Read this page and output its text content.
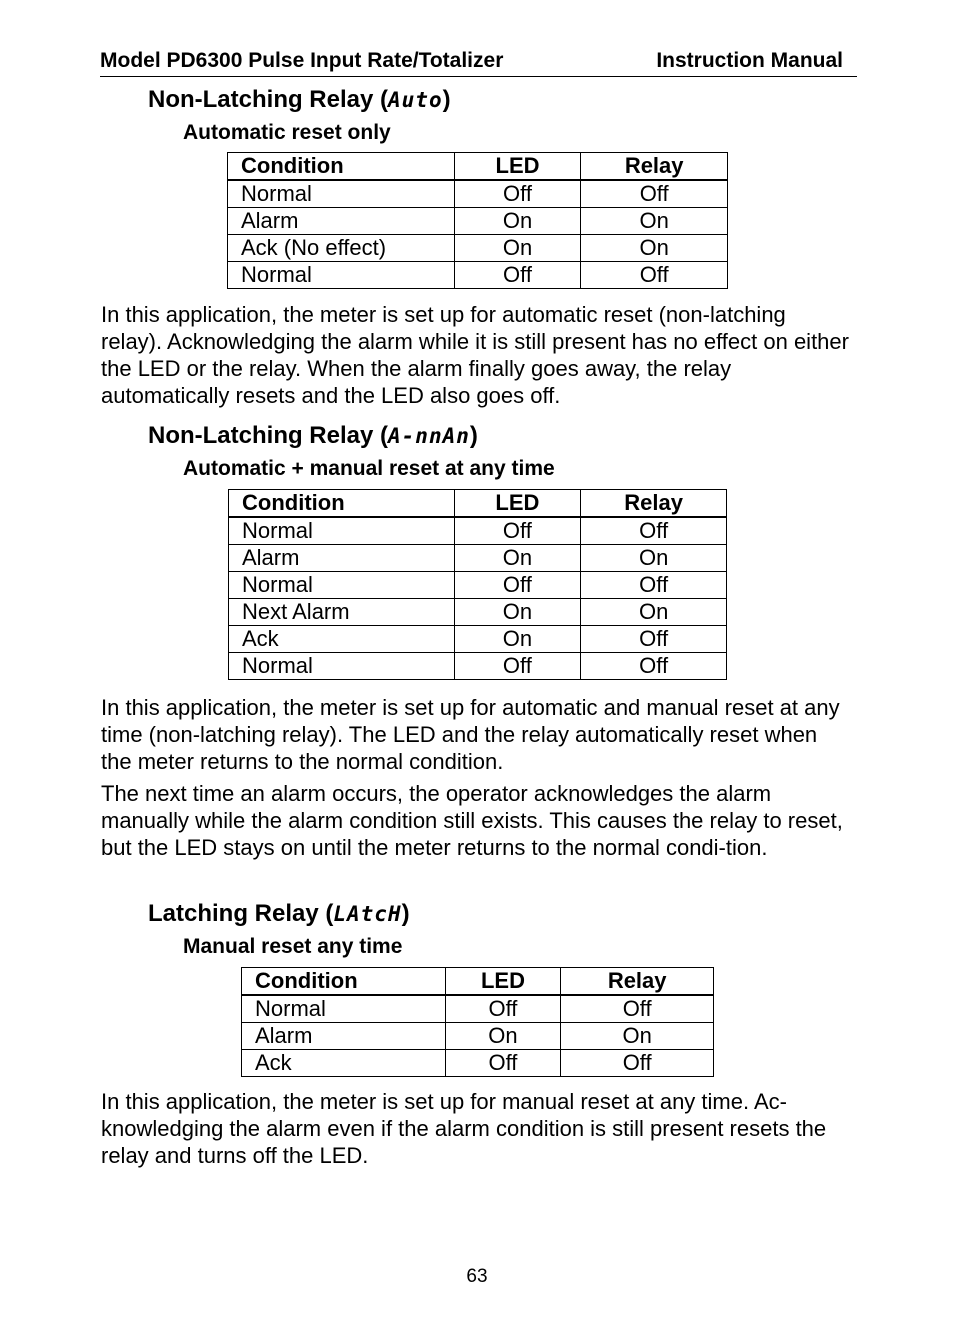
Model PD6300 Pulse Input Rate/Totalizer	Instruction Manual
Non-Latching Relay (Auto)
Automatic reset only
Condition	LED	Relay
Normal	Off	Off
Alarm	On	On
Ack (No effect)	On	On
Normal	Off	Off

In this application, the meter is set up for automatic reset (non-latching relay). Acknowledging the alarm while it is still present has no effect on either the LED or the relay. When the alarm finally goes away, the relay automatically resets and the LED also goes off.

Non-Latching Relay (A-nnAn)
Automatic + manual reset at any time
Condition	LED	Relay
Normal	Off	Off
Alarm	On	On
Normal	Off	Off
Next Alarm	On	On
Ack	On	Off
Normal	Off	Off

In this application, the meter is set up for automatic and manual reset at any time (non-latching relay). The LED and the relay automatically reset when the meter returns to the normal condition.

The next time an alarm occurs, the operator acknowledges the alarm manually while the alarm condition still exists. This causes the relay to reset, but the LED stays on until the meter returns to the normal condi-tion.

Latching Relay (LAtcH)
Manual reset any time
Condition	LED	Relay
Normal	Off	Off
Alarm	On	On
Ack	Off	Off

In this application, the meter is set up for manual reset at any time. Ac-knowledging the alarm even if the alarm condition is still present resets the relay and turns off the LED.

63
